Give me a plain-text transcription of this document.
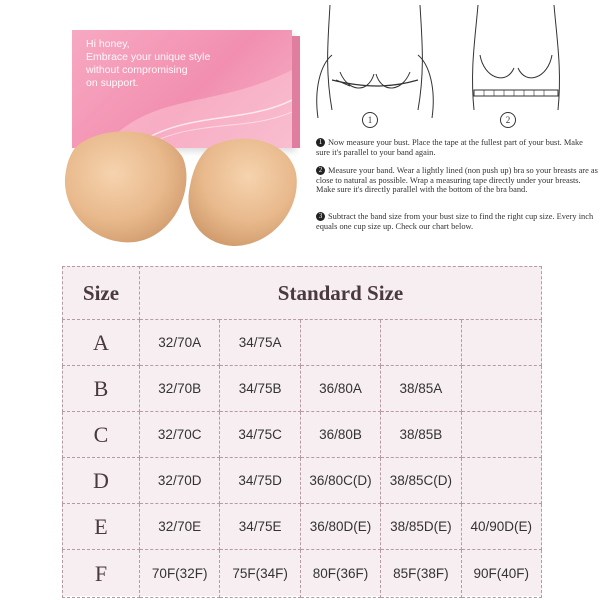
Hi honey,
Embrace your unique style
without compromising
on support.
1	2
1 Now measure your bust. Place the tape at the fullest part of your bust. Make sure it's parallel to your band again.
2 Measure your band. Wear a lightly lined (non push up) bra so your breasts are as close to natural as possible. Wrap a measuring tape directly under your breasts. Make sure it's directly parallel with the bottom of the bra band.
3 Subtract the band size from your bust size to find the right cup size. Every inch equals one cup size up. Check our chart below.
Size	Standard Size				
A	32/70A	34/75A			
B	32/70B	34/75B	36/80A	38/85A	
C	32/70C	34/75C	36/80B	38/85B	
D	32/70D	34/75D	36/80C(D)	38/85C(D)	
E	32/70E	34/75E	36/80D(E)	38/85D(E)	40/90D(E)
F	70F(32F)	75F(34F)	80F(36F)	85F(38F)	90F(40F)
